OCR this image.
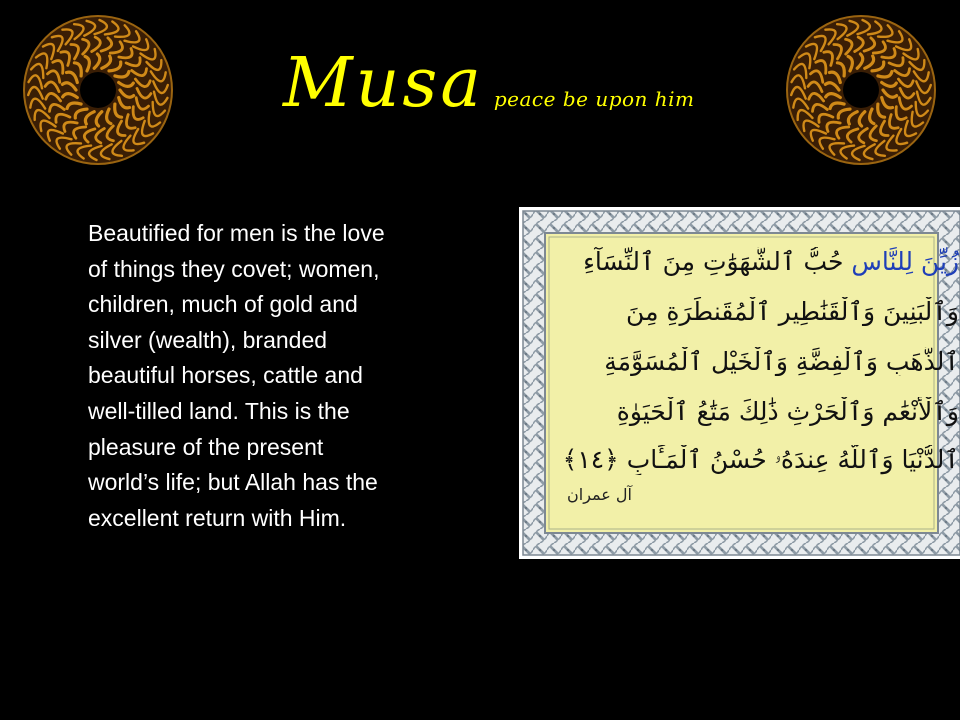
Musa peace be upon him
Beautified for men is the love
of things they covet; women,
children, much of gold and
silver (wealth), branded
beautiful horses, cattle and
well-tilled land. This is the
pleasure of the present
world’s life; but Allah has the
excellent return with Him.
زُيِّنَ لِلنَّاسِ حُبُّ ٱلشَّهَوَٰتِ مِنَ ٱلنِّسَآءِ
وَٱلْبَنِينَ وَٱلْقَنَٰطِيرِ ٱلْمُقَنطَرَةِ مِنَ
ٱلذَّهَبِ وَٱلْفِضَّةِ وَٱلْخَيْلِ ٱلْمُسَوَّمَةِ
وَٱلْأَنْعَٰمِ وَٱلْحَرْثِ ذَٰلِكَ مَتَٰعُ ٱلْحَيَوٰةِ
ٱلدُّنْيَا وَٱللَّهُ عِندَهُۥ حُسْنُ ٱلْمَـَٔابِ ﴿١٤﴾
آل عمران
